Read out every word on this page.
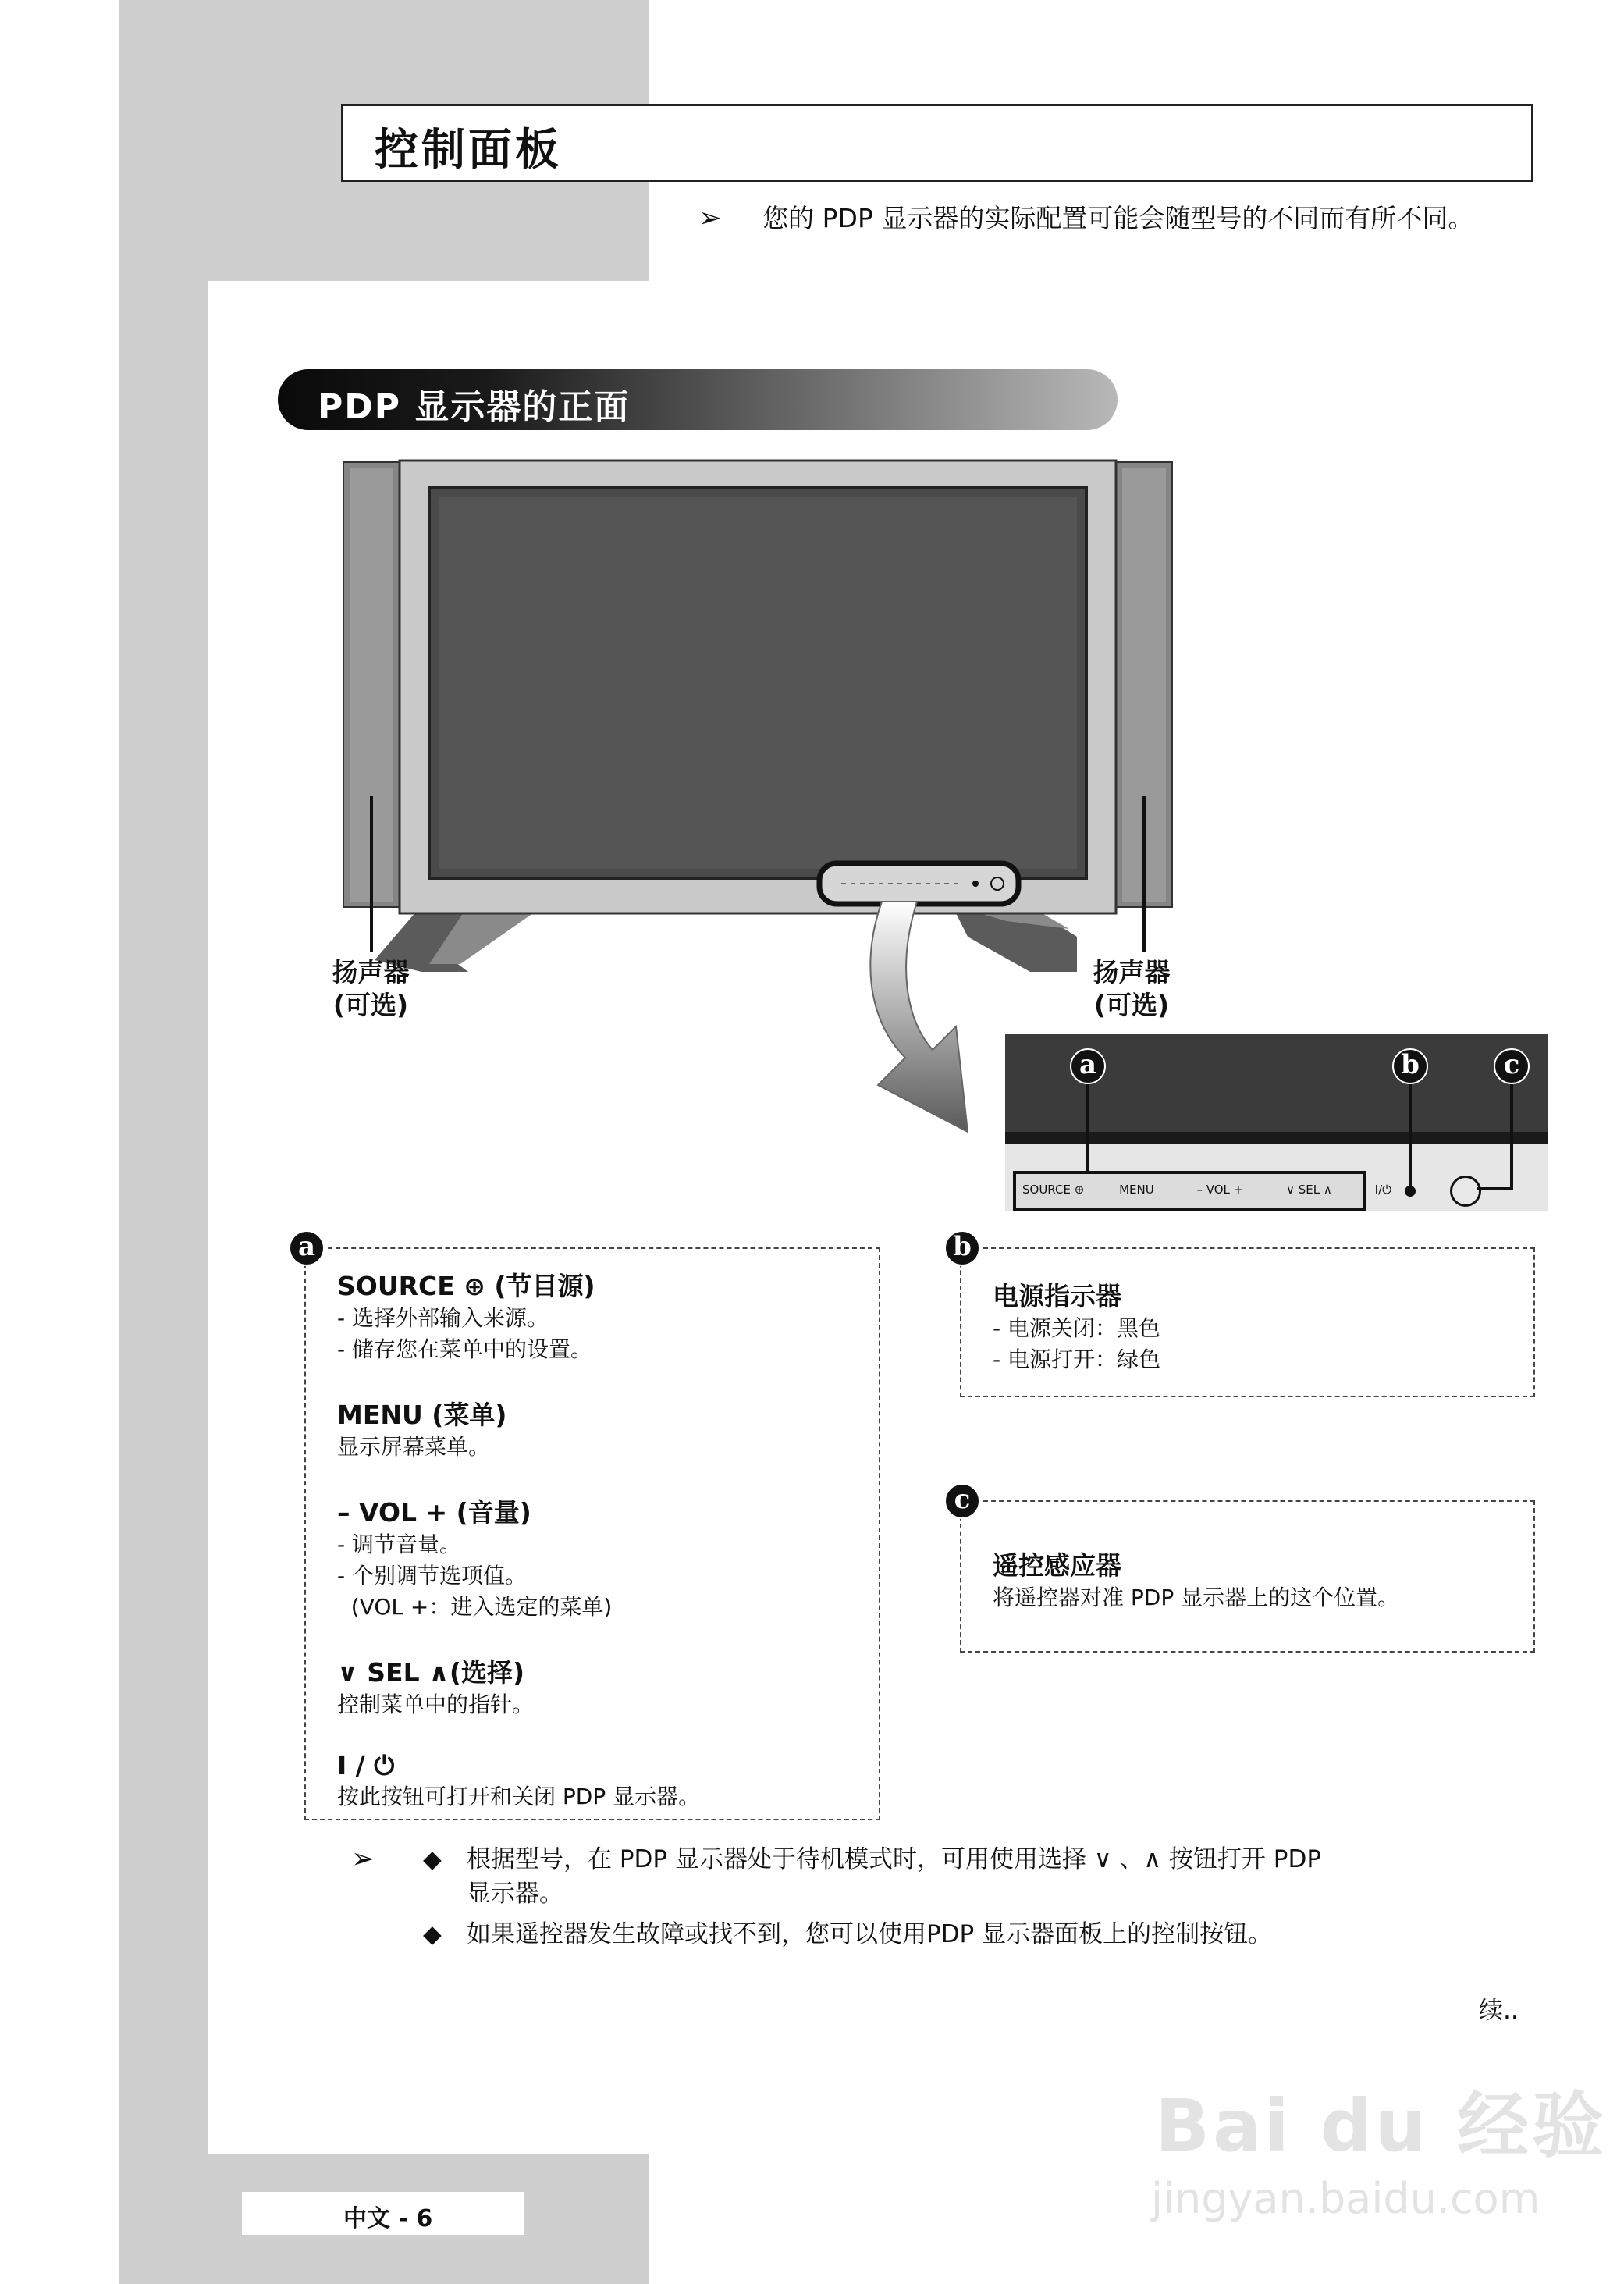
控制面板
➢ 您的 PDP 显示器的实际配置可能会随型号的不同而有所不同。
PDP 显示器的正面
扬声器
(可选)
扬声器
(可选)
SOURCE ⊕	MENU	– VOL +	∨ SEL ∧	I/⏻
a	b	c
a
SOURCE ⊕ (节目源)
- 选择外部输入来源。
- 储存您在菜单中的设置。
MENU (菜单)
显示屏幕菜单。
– VOL + (音量)
- 调节音量。
- 个别调节选项值。
(VOL +：进入选定的菜单)
∨ SEL ∧(选择)
控制菜单中的指针。
I / ⏻
按此按钮可打开和关闭 PDP 显示器。
b
电源指示器
- 电源关闭：黑色
- 电源打开：绿色
c
遥控感应器
将遥控器对准 PDP 显示器上的这个位置。
➢	◆	根据型号，在 PDP 显示器处于待机模式时，可用使用选择 ∨ 、∧ 按钮打开 PDP
显示器。
◆	如果遥控器发生故障或找不到，您可以使用PDP 显示器面板上的控制按钮。
续..
Bai du 经验
jingyan.baidu.com
中文 - 6
